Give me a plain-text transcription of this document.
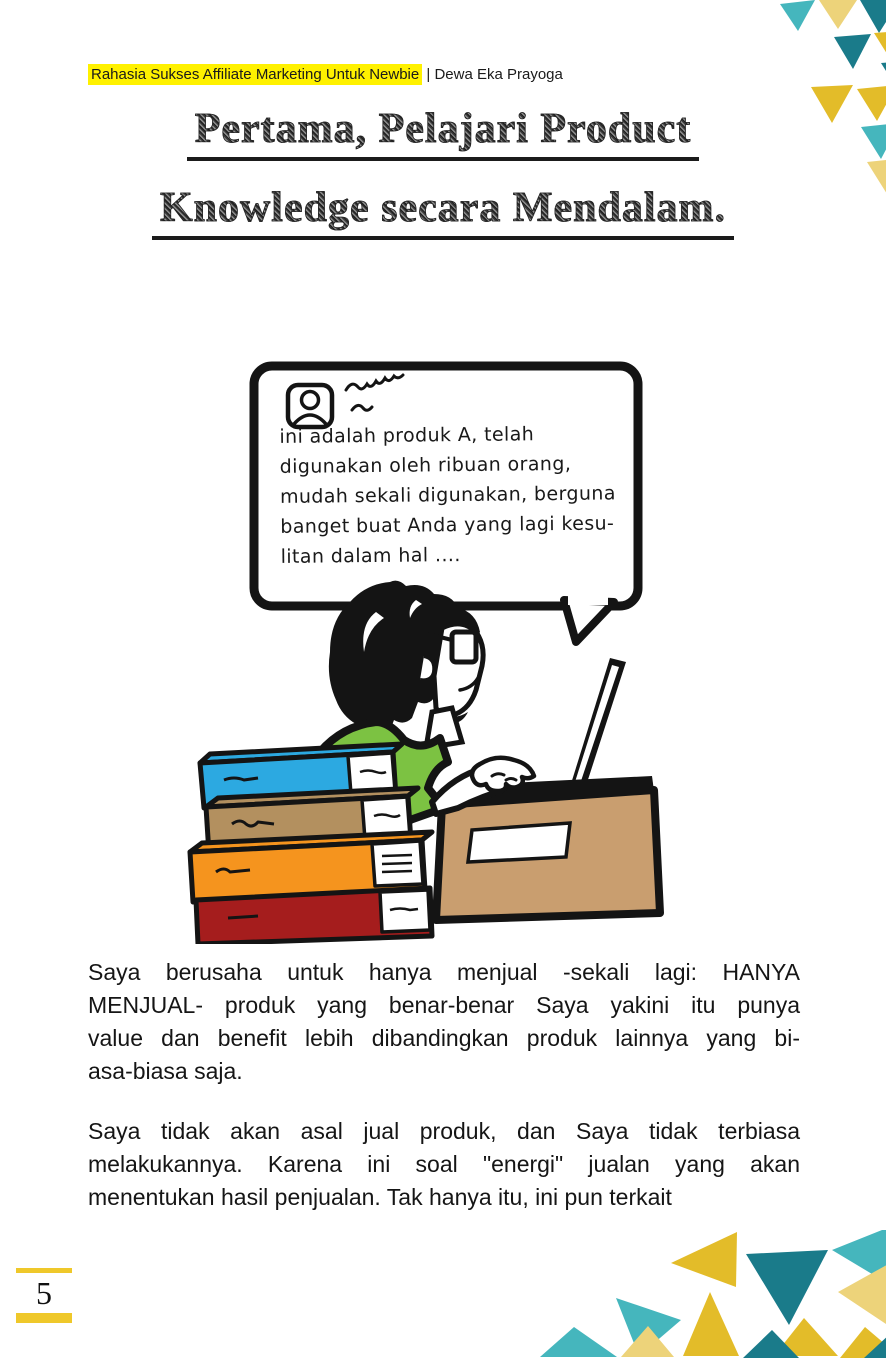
Rahasia Sukses Affiliate Marketing Untuk Newbie | Dewa Eka Prayoga
Pertama, Pelajari Product
Knowledge secara Mendalam.
ini adalah produk A, telah
digunakan oleh ribuan orang,
mudah sekali digunakan, berguna
banget buat Anda yang lagi kesu-
litan dalam hal ....
Saya berusaha untuk hanya menjual -sekali lagi: HANYA
MENJUAL- produk yang benar-benar Saya yakini itu punya
value dan benefit lebih dibandingkan produk lainnya yang bi-
asa-biasa saja.
Saya tidak akan asal jual produk, dan Saya tidak terbiasa
melakukannya. Karena ini soal "energi" jualan yang akan
menentukan hasil penjualan. Tak hanya itu, ini pun terkait
5
